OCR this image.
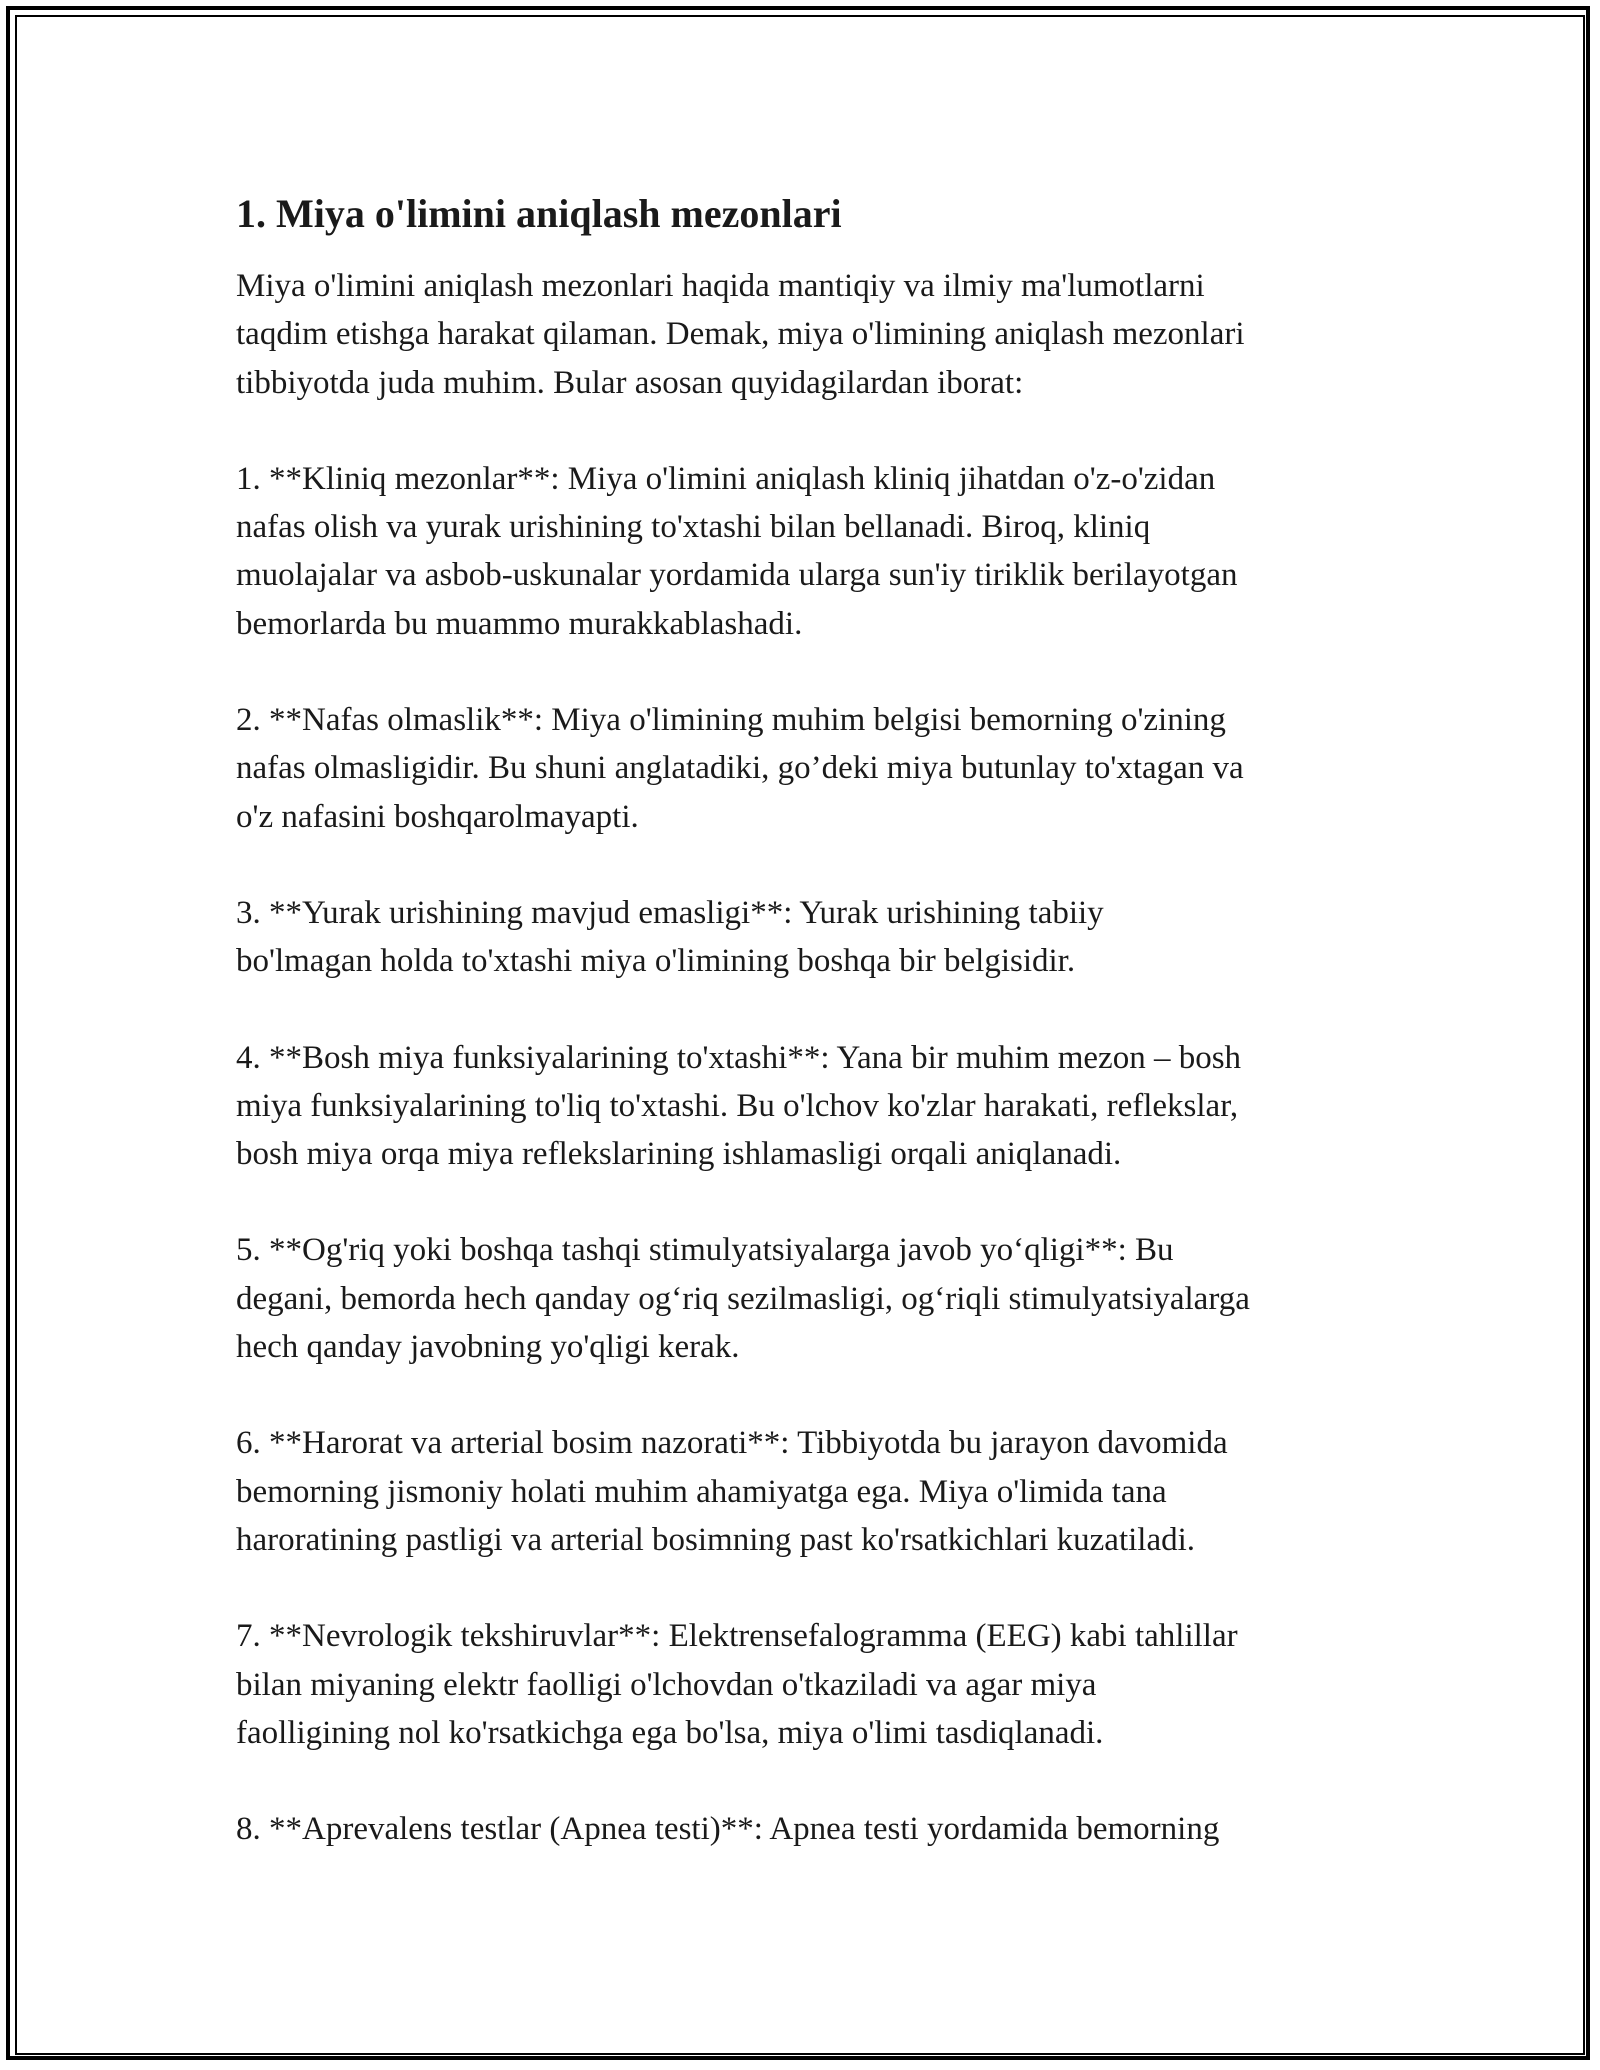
1. Miya o'limini aniqlash mezonlari

Miya o'limini aniqlash mezonlari haqida mantiqiy va ilmiy ma'lumotlarni
taqdim etishga harakat qilaman. Demak, miya o'limining aniqlash mezonlari
tibbiyotda juda muhim. Bular asosan quyidagilardan iborat:

1. **Kliniq mezonlar**: Miya o'limini aniqlash kliniq jihatdan o'z-o'zidan
nafas olish va yurak urishining to'xtashi bilan bellanadi. Biroq, kliniq
muolajalar va asbob-uskunalar yordamida ularga sun'iy tiriklik berilayotgan
bemorlarda bu muammo murakkablashadi.

2. **Nafas olmaslik**: Miya o'limining muhim belgisi bemorning o'zining
nafas olmasligidir. Bu shuni anglatadiki, go’deki miya butunlay to'xtagan va
o'z nafasini boshqarolmayapti.

3. **Yurak urishining mavjud emasligi**: Yurak urishining tabiiy
bo'lmagan holda to'xtashi miya o'limining boshqa bir belgisidir.

4. **Bosh miya funksiyalarining to'xtashi**: Yana bir muhim mezon – bosh
miya funksiyalarining to'liq to'xtashi. Bu o'lchov ko'zlar harakati, reflekslar,
bosh miya orqa miya reflekslarining ishlamasligi orqali aniqlanadi.

5. **Og'riq yoki boshqa tashqi stimulyatsiyalarga javob yo‘qligi**: Bu
degani, bemorda hech qanday og‘riq sezilmasligi, og‘riqli stimulyatsiyalarga
hech qanday javobning yo'qligi kerak.

6. **Harorat va arterial bosim nazorati**: Tibbiyotda bu jarayon davomida
bemorning jismoniy holati muhim ahamiyatga ega. Miya o'limida tana
haroratining pastligi va arterial bosimning past ko'rsatkichlari kuzatiladi.

7. **Nevrologik tekshiruvlar**: Elektrensefalogramma (EEG) kabi tahlillar
bilan miyaning elektr faolligi o'lchovdan o'tkaziladi va agar miya
faolligining nol ko'rsatkichga ega bo'lsa, miya o'limi tasdiqlanadi.

8. **Aprevalens testlar (Apnea testi)**: Apnea testi yordamida bemorning
